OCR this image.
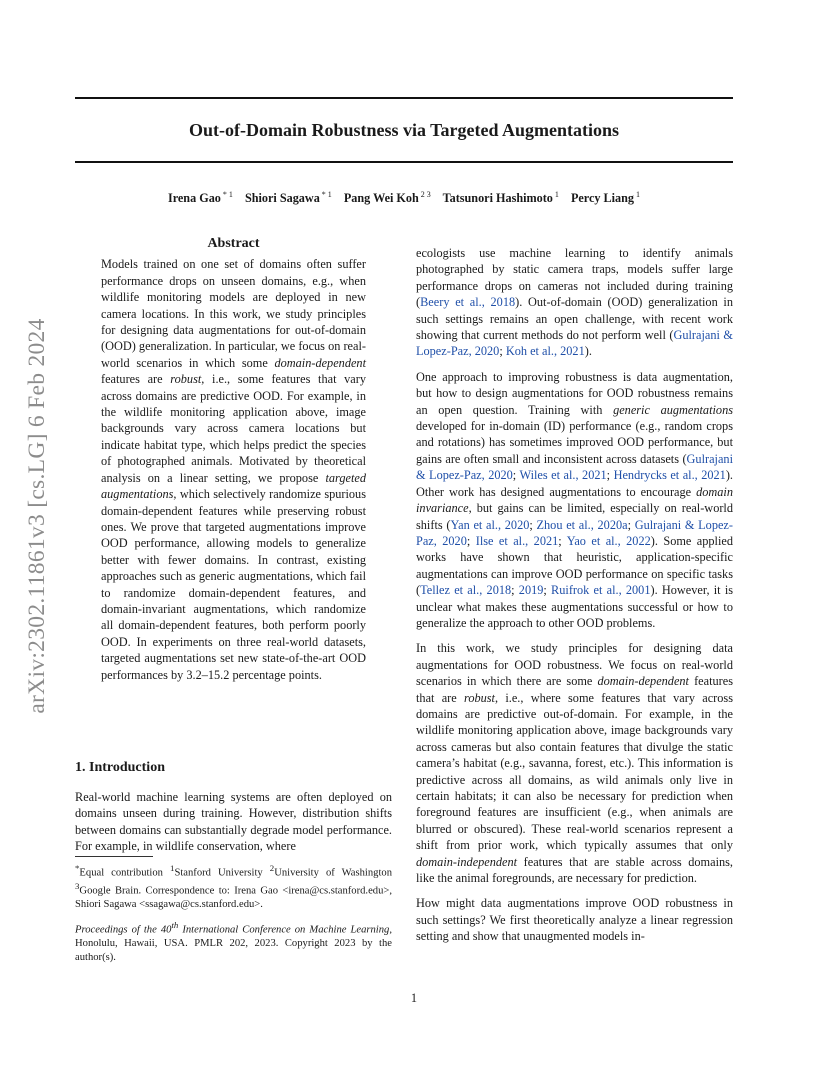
Out-of-Domain Robustness via Targeted Augmentations
Irena Gao $^{* 1}$ Shiori Sagawa $^{* 1}$ Pang Wei Koh $^{2 3}$ Tatsunori Hashimoto $^1$ Percy Liang $^1$
arXiv:2302.11861v3 [cs.LG] 6 Feb 2024
Abstract

Models trained on one set of domains often suffer performance drops on unseen domains, e.g., when wildlife monitoring models are deployed in new camera locations. In this work, we study principles for designing data augmentations for out-of-domain (OOD) generalization. In particular, we focus on real-world scenarios in which some domain-dependent features are robust, i.e., some features that vary across domains are predictive OOD. For example, in the wildlife monitoring application above, image backgrounds vary across camera locations but indicate habitat type, which helps predict the species of photographed animals. Motivated by theoretical analysis on a linear setting, we propose targeted augmentations, which selectively randomize spurious domain-dependent features while preserving robust ones. We prove that targeted augmentations improve OOD performance, allowing models to generalize better with fewer domains. In contrast, existing approaches such as generic augmentations, which fail to randomize domain-dependent features, and domain-invariant augmentations, which randomize all domain-dependent features, both perform poorly OOD. In experiments on three real-world datasets, targeted augmentations set new state-of-the-art OOD performances by 3.2–15.2 percentage points.

1. Introduction

Real-world machine learning systems are often deployed on domains unseen during training. However, distribution shifts between domains can substantially degrade model performance. For example, in wildlife conservation, where

*Equal contribution $^1$Stanford University $^2$University of Washington $^3$Google Brain. Correspondence to: Irena Gao <irena@cs.stanford.edu>, Shiori Sagawa <ssagawa@cs.stanford.edu>.

Proceedings of the 40th International Conference on Machine Learning, Honolulu, Hawaii, USA. PMLR 202, 2023. Copyright 2023 by the author(s).

ecologists use machine learning to identify animals photographed by static camera traps, models suffer large performance drops on cameras not included during training (Beery et al., 2018). Out-of-domain (OOD) generalization in such settings remains an open challenge, with recent work showing that current methods do not perform well (Gulrajani & Lopez-Paz, 2020; Koh et al., 2021).

One approach to improving robustness is data augmentation, but how to design augmentations for OOD robustness remains an open question. Training with generic augmentations developed for in-domain (ID) performance (e.g., random crops and rotations) has sometimes improved OOD performance, but gains are often small and inconsistent across datasets (Gulrajani & Lopez-Paz, 2020; Wiles et al., 2021; Hendrycks et al., 2021). Other work has designed augmentations to encourage domain invariance, but gains can be limited, especially on real-world shifts (Yan et al., 2020; Zhou et al., 2020a; Gulrajani & Lopez-Paz, 2020; Ilse et al., 2021; Yao et al., 2022). Some applied works have shown that heuristic, application-specific augmentations can improve OOD performance on specific tasks (Tellez et al., 2018; 2019; Ruifrok et al., 2001). However, it is unclear what makes these augmentations successful or how to generalize the approach to other OOD problems.

In this work, we study principles for designing data augmentations for OOD robustness. We focus on real-world scenarios in which there are some domain-dependent features that are robust, i.e., where some features that vary across domains are predictive out-of-domain. For example, in the wildlife monitoring application above, image backgrounds vary across cameras but also contain features that divulge the static camera’s habitat (e.g., savanna, forest, etc.). This information is predictive across all domains, as wild animals only live in certain habitats; it can also be necessary for prediction when foreground features are insufficient (e.g., when animals are blurred or obscured). These real-world scenarios represent a shift from prior work, which typically assumes that only domain-independent features that are stable across domains, like the animal foregrounds, are necessary for prediction.

How might data augmentations improve OOD robustness in such settings? We first theoretically analyze a linear regression setting and show that unaugmented models in-

1
